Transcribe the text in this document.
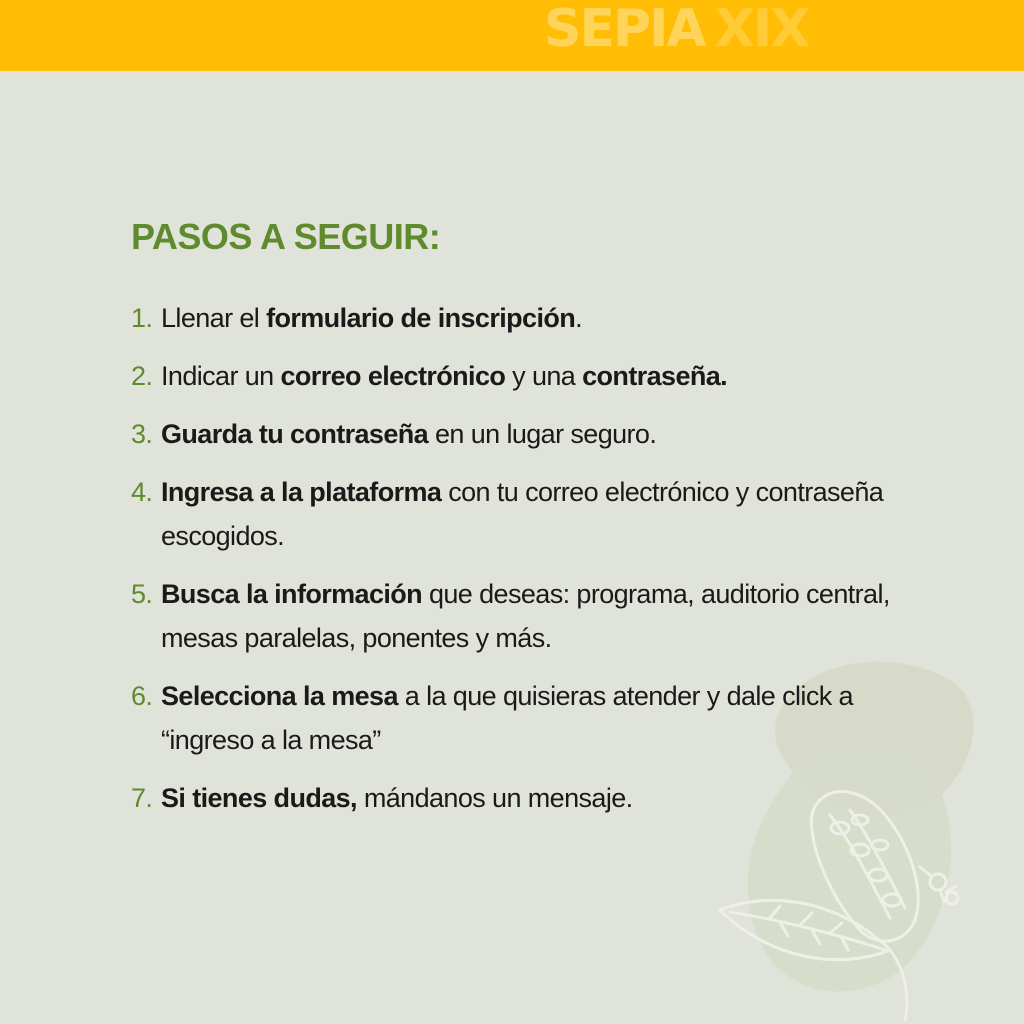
SEPIA XIX
PASOS A SEGUIR:
1. Llenar el formulario de inscripción.
2. Indicar un correo electrónico y una contraseña.
3. Guarda tu contraseña en un lugar seguro.
4. Ingresa a la plataforma con tu correo electrónico y contraseña escogidos.
5. Busca la información que deseas: programa, auditorio central, mesas paralelas, ponentes y más.
6. Selecciona la mesa a la que quisieras atender y dale click a “ingreso a la mesa”
7. Si tienes dudas, mándanos un mensaje.
